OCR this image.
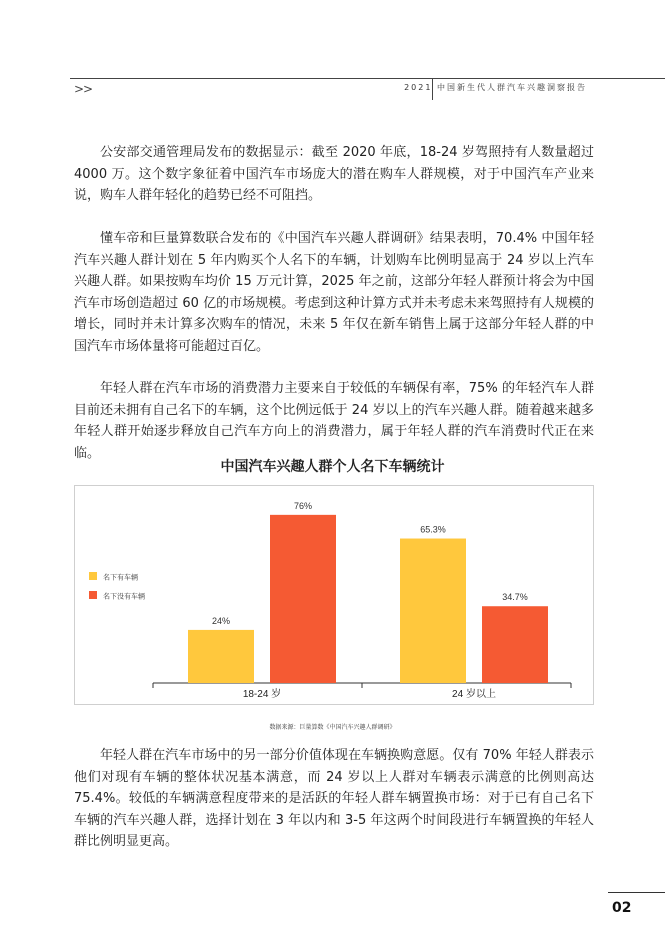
>>	2021 中国新生代人群汽车兴趣洞察报告

公安部交通管理局发布的数据显示：截至 2020 年底，18-24 岁驾照持有人数量超过 4000 万。这个数字象征着中国汽车市场庞大的潜在购车人群规模，对于中国汽车产业来说，购车人群年轻化的趋势已经不可阻挡。

懂车帝和巨量算数联合发布的《中国汽车兴趣人群调研》结果表明，70.4% 中国年轻汽车兴趣人群计划在 5 年内购买个人名下的车辆，计划购车比例明显高于 24 岁以上汽车兴趣人群。如果按购车均价 15 万元计算，2025 年之前，这部分年轻人群预计将会为中国汽车市场创造超过 60 亿的市场规模。考虑到这种计算方式并未考虑未来驾照持有人规模的增长，同时并未计算多次购车的情况，未来 5 年仅在新车销售上属于这部分年轻人群的中国汽车市场体量将可能超过百亿。

年轻人群在汽车市场的消费潜力主要来自于较低的车辆保有率，75% 的年轻汽车人群目前还未拥有自己名下的车辆，这个比例远低于 24 岁以上的汽车兴趣人群。随着越来越多年轻人群开始逐步释放自己汽车方向上的消费潜力，属于年轻人群的汽车消费时代正在来临。

中国汽车兴趣人群个人名下车辆统计
24%
76%
18-24 岁
65.3%
34.7%
24 岁以上
名下有车辆
名下没有车辆
数据来源：巨量算数《中国汽车兴趣人群调研》

年轻人群在汽车市场中的另一部分价值体现在车辆换购意愿。仅有 70% 年轻人群表示他们对现有车辆的整体状况基本满意，而 24 岁以上人群对车辆表示满意的比例则高达 75.4%。较低的车辆满意程度带来的是活跃的年轻人群车辆置换市场：对于已有自己名下车辆的汽车兴趣人群，选择计划在 3 年以内和 3-5 年这两个时间段进行车辆置换的年轻人群比例明显更高。

02
